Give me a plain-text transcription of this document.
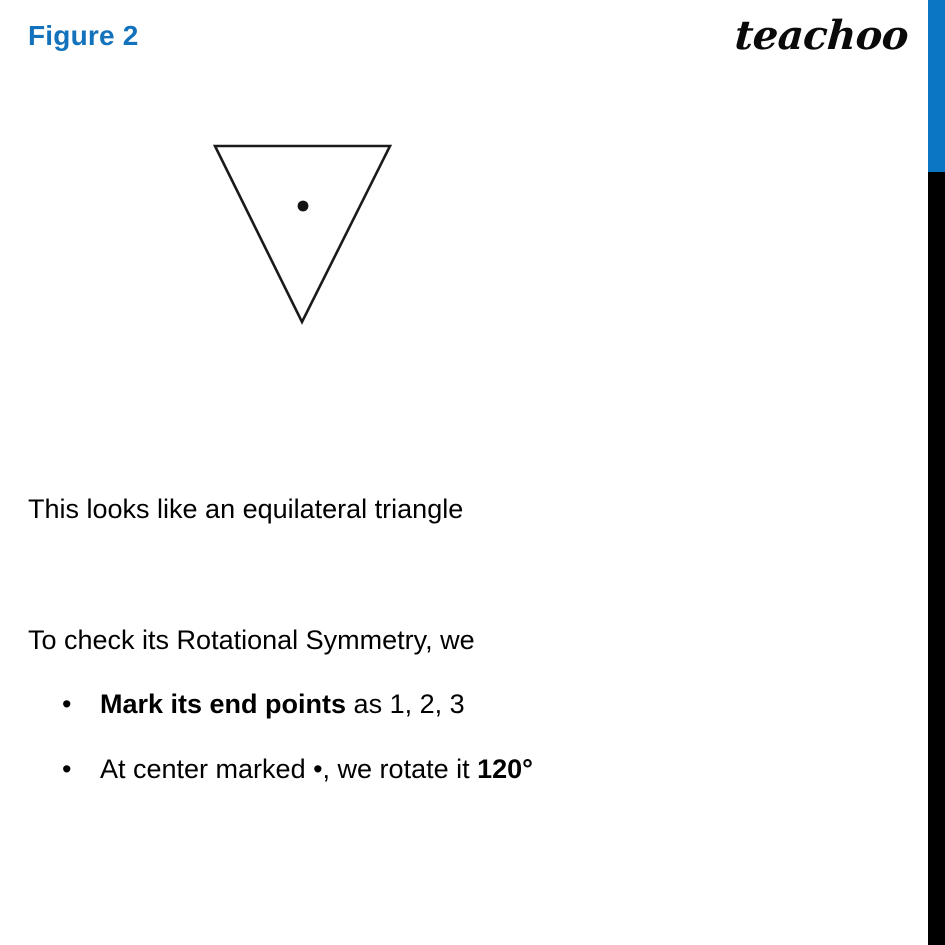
Figure 2	teachoo
This looks like an equilateral triangle
To check its Rotational Symmetry, we
•	Mark its end points as 1, 2, 3
•	At center marked •, we rotate it 120°
